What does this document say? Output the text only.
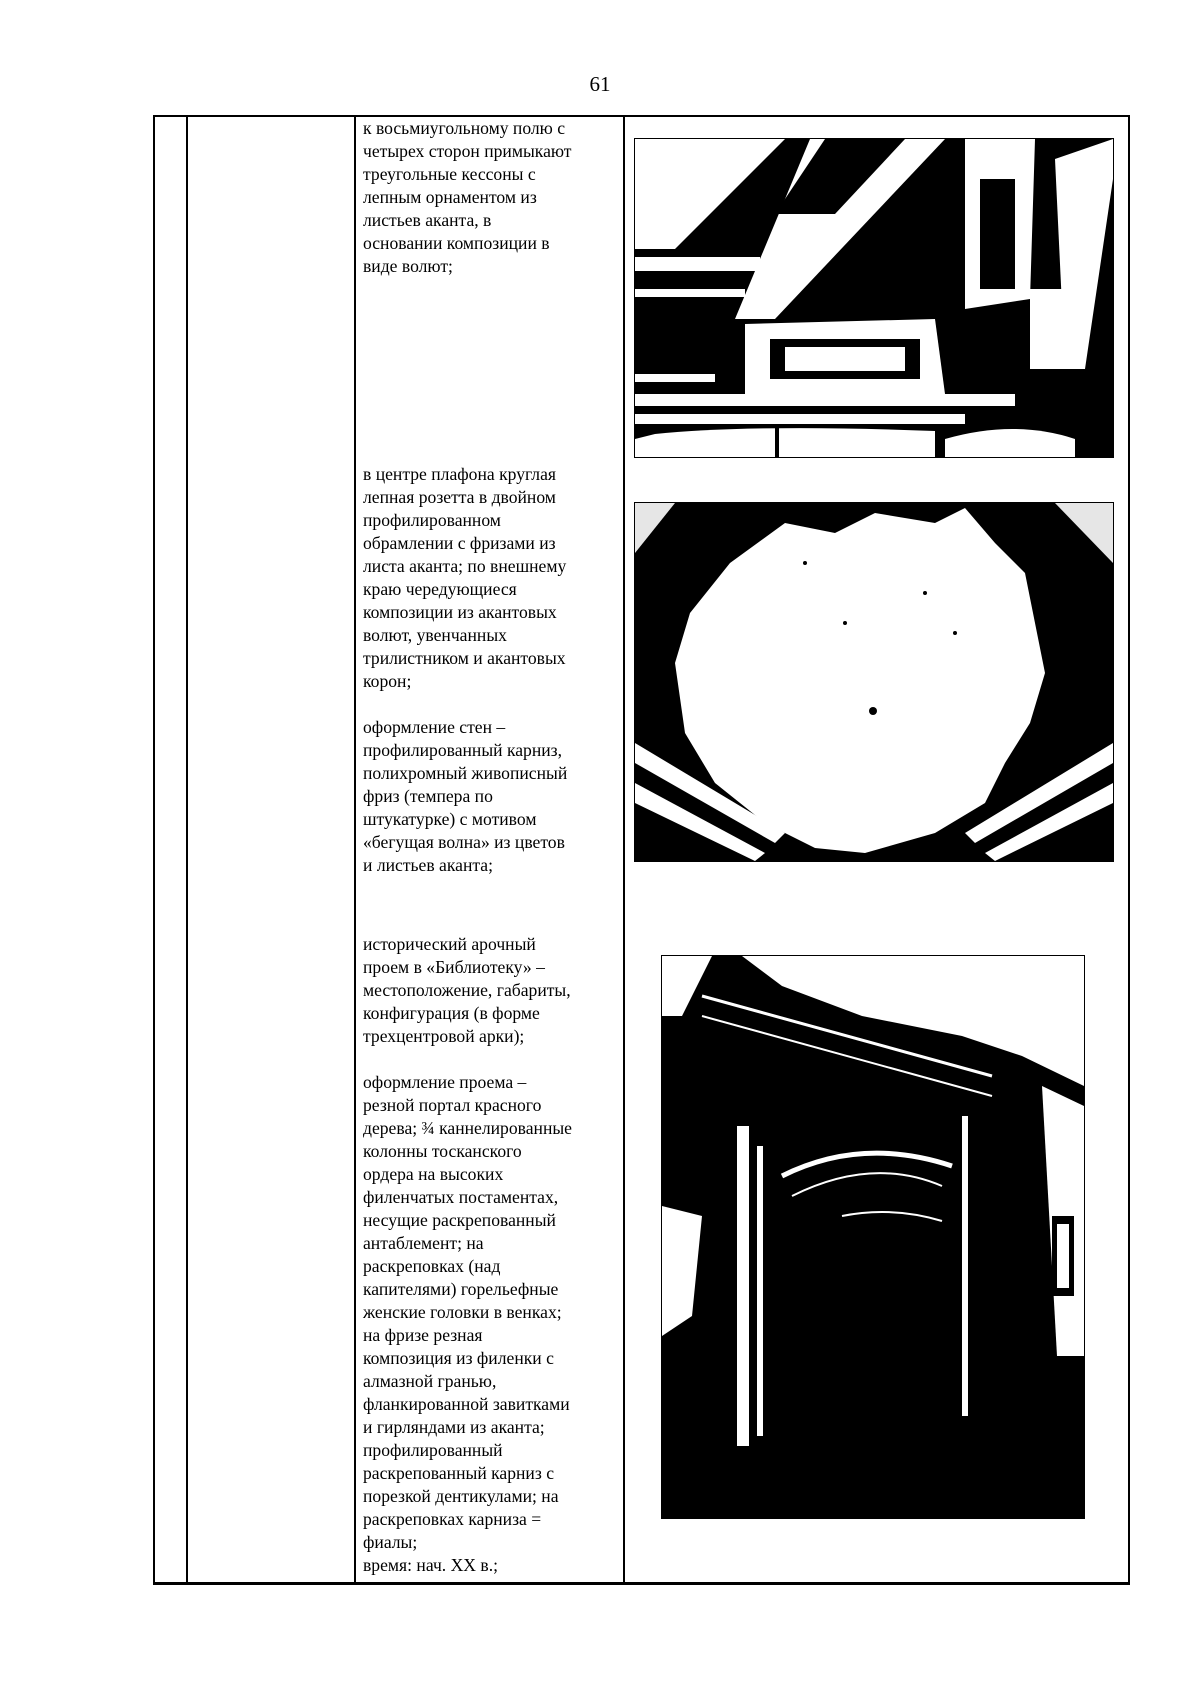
61

к восьмиугольному полю с
четырех сторон примыкают
треугольные кессоны с
лепным орнаментом из
листьев аканта, в
основании композиции в
виде волют;

в центре плафона круглая
лепная розетта в двойном
профилированном
обрамлении с фризами из
листа аканта; по внешнему
краю чередующиеся
композиции из акантовых
волют, увенчанных
трилистником и акантовых
корон;

оформление стен –
профилированный карниз,
полихромный живописный
фриз (темпера по
штукатурке) с мотивом
«бегущая волна» из цветов
и листьев аканта;

исторический арочный
проем в «Библиотеку» –
местоположение, габариты,
конфигурация (в форме
трехцентровой арки);

оформление проема –
резной портал красного
дерева; ¾ каннелированные
колонны тосканского
ордера на высоких
филенчатых постаментах,
несущие раскрепованный
антаблемент; на
раскреповках (над
капителями) горельефные
женские головки в венках;
на фризе резная
композиция из филенки с
алмазной гранью,
фланкированной завитками
и гирляндами из аканта;
профилированный
раскрепованный карниз с
порезкой дентикулами; на
раскреповках карниза =
фиалы;
время: нач. XX в.;
